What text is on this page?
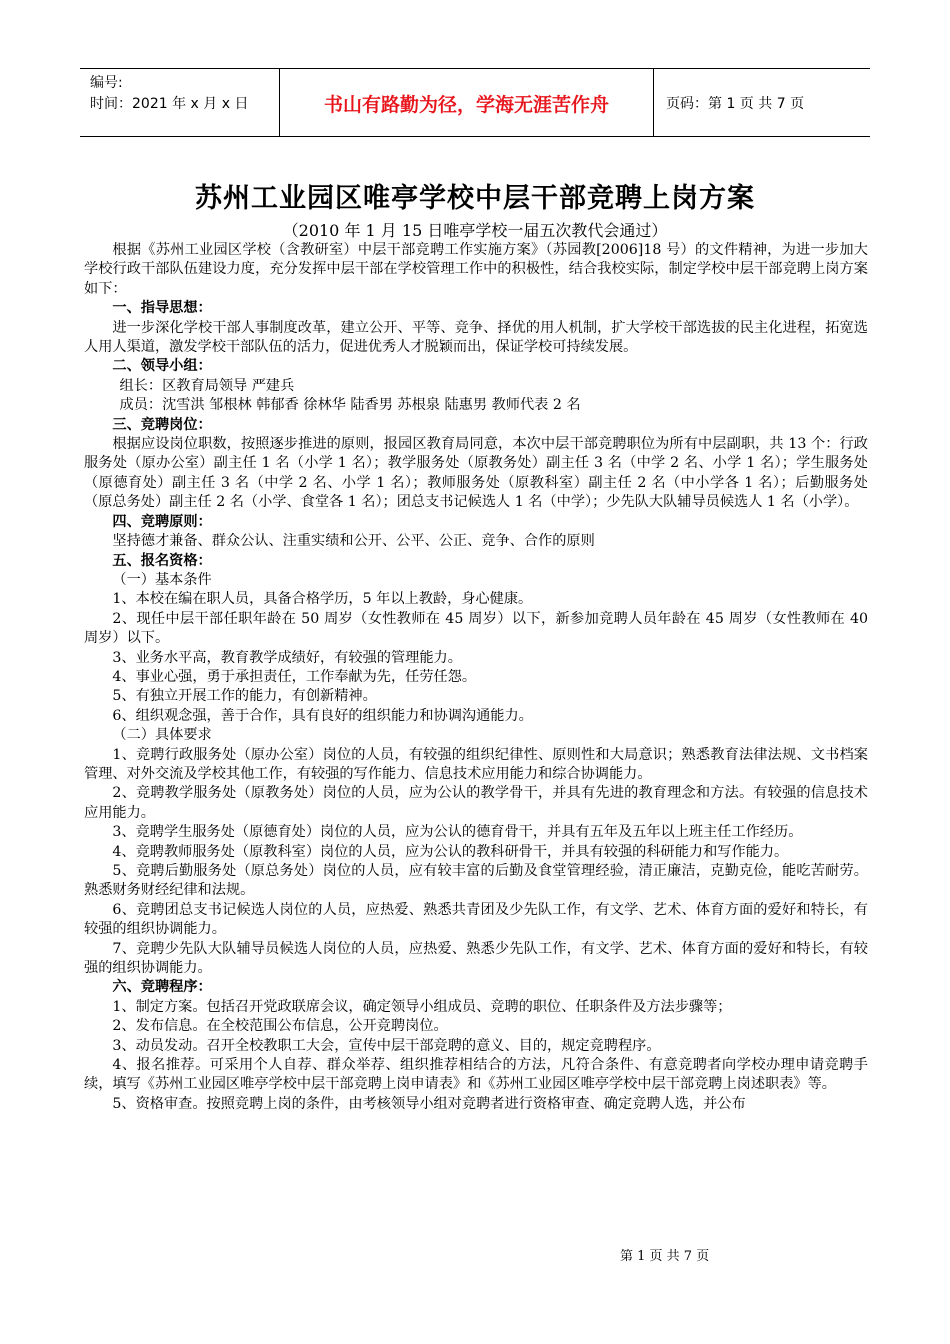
编号:
时间：2021 年 x 月 x 日	书山有路勤为径，学海无涯苦作舟	页码：第 1 页 共 7 页
苏州工业园区唯亭学校中层干部竞聘上岗方案
（2010 年 1 月 15 日唯亭学校一届五次教代会通过）

根据《苏州工业园区学校（含教研室）中层干部竞聘工作实施方案》（苏园教[2006]18 号）的文件精神，为进一步加大学校行政干部队伍建设力度，充分发挥中层干部在学校管理工作中的积极性，结合我校实际，制定学校中层干部竞聘上岗方案如下：

一、指导思想：

进一步深化学校干部人事制度改革，建立公开、平等、竞争、择优的用人机制，扩大学校干部选拔的民主化进程，拓宽选人用人渠道，激发学校干部队伍的活力，促进优秀人才脱颖而出，保证学校可持续发展。

二、领导小组：

组长：区教育局领导 严建兵

成员：沈雪洪 邹根林 韩郁香 徐林华 陆香男 苏根泉 陆惠男 教师代表 2 名

三、竞聘岗位：

根据应设岗位职数，按照逐步推进的原则，报园区教育局同意，本次中层干部竞聘职位为所有中层副职，共 13 个：行政服务处（原办公室）副主任 1 名（小学 1 名）；教学服务处（原教务处）副主任 3 名（中学 2 名、小学 1 名）；学生服务处（原德育处）副主任 3 名（中学 2 名、小学 1 名）；教师服务处（原教科室）副主任 2 名（中小学各 1 名）；后勤服务处（原总务处）副主任 2 名（小学、食堂各 1 名）；团总支书记候选人 1 名（中学）；少先队大队辅导员候选人 1 名（小学）。

四、竞聘原则：

坚持德才兼备、群众公认、注重实绩和公开、公平、公正、竞争、合作的原则

五、报名资格：

（一）基本条件

1、本校在编在职人员，具备合格学历，5 年以上教龄，身心健康。

2、现任中层干部任职年龄在 50 周岁（女性教师在 45 周岁）以下，新参加竞聘人员年龄在 45 周岁（女性教师在 40 周岁）以下。

3、业务水平高，教育教学成绩好，有较强的管理能力。

4、事业心强，勇于承担责任，工作奉献为先，任劳任怨。

5、有独立开展工作的能力，有创新精神。

6、组织观念强，善于合作，具有良好的组织能力和协调沟通能力。

（二）具体要求

1、竞聘行政服务处（原办公室）岗位的人员，有较强的组织纪律性、原则性和大局意识；熟悉教育法律法规、文书档案管理、对外交流及学校其他工作，有较强的写作能力、信息技术应用能力和综合协调能力。

2、竞聘教学服务处（原教务处）岗位的人员，应为公认的教学骨干，并具有先进的教育理念和方法。有较强的信息技术应用能力。

3、竞聘学生服务处（原德育处）岗位的人员，应为公认的德育骨干，并具有五年及五年以上班主任工作经历。

4、竞聘教师服务处（原教科室）岗位的人员，应为公认的教科研骨干，并具有较强的科研能力和写作能力。

5、竞聘后勤服务处（原总务处）岗位的人员，应有较丰富的后勤及食堂管理经验，清正廉洁，克勤克俭，能吃苦耐劳。熟悉财务财经纪律和法规。

6、竞聘团总支书记候选人岗位的人员，应热爱、熟悉共青团及少先队工作，有文学、艺术、体育方面的爱好和特长，有较强的组织协调能力。

7、竞聘少先队大队辅导员候选人岗位的人员，应热爱、熟悉少先队工作，有文学、艺术、体育方面的爱好和特长，有较强的组织协调能力。

六、竞聘程序：

1、制定方案。包括召开党政联席会议，确定领导小组成员、竞聘的职位、任职条件及方法步骤等；

2、发布信息。在全校范围公布信息，公开竞聘岗位。

3、动员发动。召开全校教职工大会，宣传中层干部竞聘的意义、目的，规定竞聘程序。

4、报名推荐。可采用个人自荐、群众举荐、组织推荐相结合的方法，凡符合条件、有意竞聘者向学校办理申请竞聘手续，填写《苏州工业园区唯亭学校中层干部竞聘上岗申请表》和《苏州工业园区唯亭学校中层干部竞聘上岗述职表》等。

5、资格审查。按照竞聘上岗的条件，由考核领导小组对竞聘者进行资格审查、确定竞聘人选，并公布

第 1 页 共 7 页
